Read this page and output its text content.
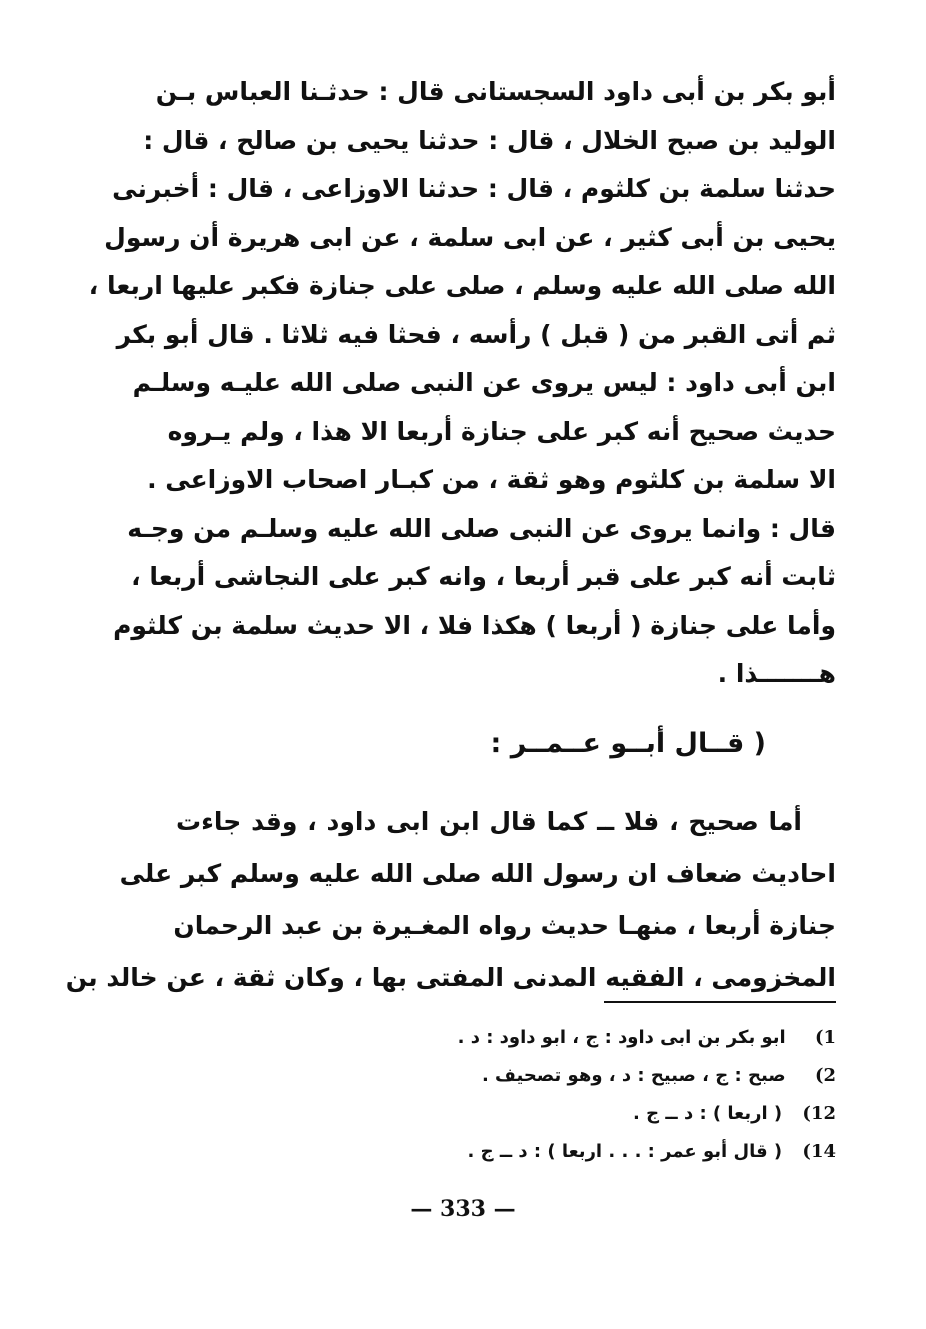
أبو بكر بن أبى داود السجستانى قال : حدثـنا العباس بـن
الوليد بن صبح الخلال ، قال : حدثنا يحيى بن صالح ، قال :
حدثنا سلمة بن كلثوم ، قال : حدثنا الاوزاعى ، قال : أخبرنى
يحيى بن أبى كثير ، عن ابى سلمة ، عن ابى هريرة أن رسول
الله صلى الله عليه وسلم ، صلى على جنازة فكبر عليها اربعا ،
ثم أتى القبر من ( قبل ) رأسه ، فحثا فيه ثلاثا . قال أبو بكر
ابن أبى داود : ليس يروى عن النبى صلى الله عليـه وسلـم
حديث صحيح أنه كبر على جنازة أربعا الا هذا ، ولم يـروه
الا سلمة بن كلثوم وهو ثقة ، من كبـار اصحاب الاوزاعى .
قال : وانما يروى عن النبى صلى الله عليه وسلـم من وجـه
ثابت أنه كبر على قبر أربعا ، وانه كبر على النجاشى أربعا ،
وأما على جنازة ( أربعا ) هكذا فلا ، الا حديث سلمة بن كلثوم
هـــــــذا .
( قــال أبــو عــمــر :
أما صحيح ، فلا ــ كما قال ابن ابى داود ، وقد جاءت
احاديث ضعاف ان رسول الله صلى الله عليه وسلم كبر على
جنازة أربعا ، منهـا حديث رواه المغـيرة بن عبد الرحمان
المخزومى ، الفقيه المدنى المفتى بها ، وكان ثقة ، عن خالد بن
1) ابو بكر بن ابى داود : ج ، ابو داود : د .
2) صبح : ج ، صبيح : د ، وهو تصحيف .
12) ( اربعا ) : د ــ ج .
14) ( قال أبو عمر : . . . اربعا ) : د ــ ج .
— 333 —
